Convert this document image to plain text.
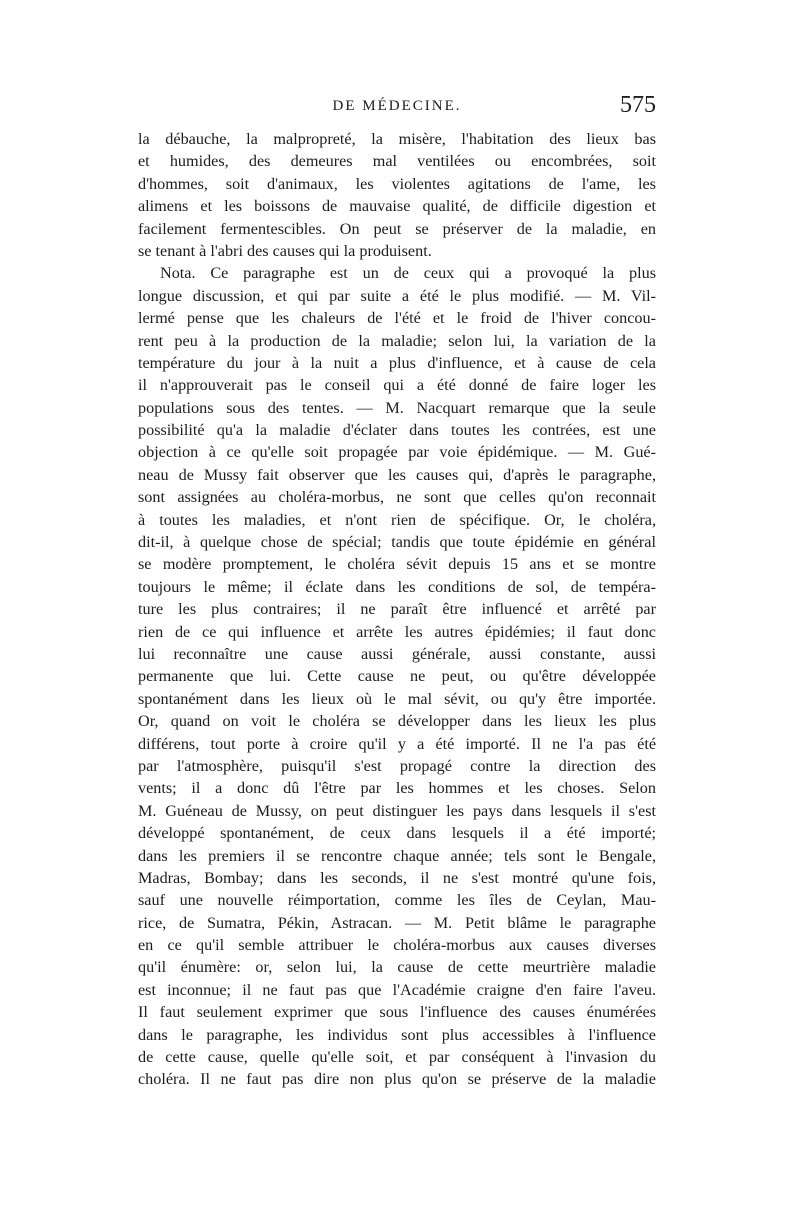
DE MÉDECINE.	575
la débauche, la malpropreté, la misère, l'habitation des lieux bas
et humides, des demeures mal ventilées ou encombrées, soit
d'hommes, soit d'animaux, les violentes agitations de l'ame, les
alimens et les boissons de mauvaise qualité, de difficile digestion et
facilement fermentescibles. On peut se préserver de la maladie, en
se tenant à l'abri des causes qui la produisent.
Nota. Ce paragraphe est un de ceux qui a provoqué la plus
longue discussion, et qui par suite a été le plus modifié. — M. Vil-
lermé pense que les chaleurs de l'été et le froid de l'hiver concou-
rent peu à la production de la maladie; selon lui, la variation de la
température du jour à la nuit a plus d'influence, et à cause de cela
il n'approuverait pas le conseil qui a été donné de faire loger les
populations sous des tentes. — M. Nacquart remarque que la seule
possibilité qu'a la maladie d'éclater dans toutes les contrées, est une
objection à ce qu'elle soit propagée par voie épidémique. — M. Gué-
neau de Mussy fait observer que les causes qui, d'après le paragraphe,
sont assignées au choléra-morbus, ne sont que celles qu'on reconnait
à toutes les maladies, et n'ont rien de spécifique. Or, le choléra,
dit-il, à quelque chose de spécial; tandis que toute épidémie en général
se modère promptement, le choléra sévit depuis 15 ans et se montre
toujours le même; il éclate dans les conditions de sol, de tempéra-
ture les plus contraires; il ne paraît être influencé et arrêté par
rien de ce qui influence et arrête les autres épidémies; il faut donc
lui reconnaître une cause aussi générale, aussi constante, aussi
permanente que lui. Cette cause ne peut, ou qu'être développée
spontanément dans les lieux où le mal sévit, ou qu'y être importée.
Or, quand on voit le choléra se développer dans les lieux les plus
différens, tout porte à croire qu'il y a été importé. Il ne l'a pas été
par l'atmosphère, puisqu'il s'est propagé contre la direction des
vents; il a donc dû l'être par les hommes et les choses. Selon
M. Guéneau de Mussy, on peut distinguer les pays dans lesquels il s'est
développé spontanément, de ceux dans lesquels il a été importé;
dans les premiers il se rencontre chaque année; tels sont le Bengale,
Madras, Bombay; dans les seconds, il ne s'est montré qu'une fois,
sauf une nouvelle réimportation, comme les îles de Ceylan, Mau-
rice, de Sumatra, Pékin, Astracan. — M. Petit blâme le paragraphe
en ce qu'il semble attribuer le choléra-morbus aux causes diverses
qu'il énumère: or, selon lui, la cause de cette meurtrière maladie
est inconnue; il ne faut pas que l'Académie craigne d'en faire l'aveu.
Il faut seulement exprimer que sous l'influence des causes énumérées
dans le paragraphe, les individus sont plus accessibles à l'influence
de cette cause, quelle qu'elle soit, et par conséquent à l'invasion du
choléra. Il ne faut pas dire non plus qu'on se préserve de la maladie
